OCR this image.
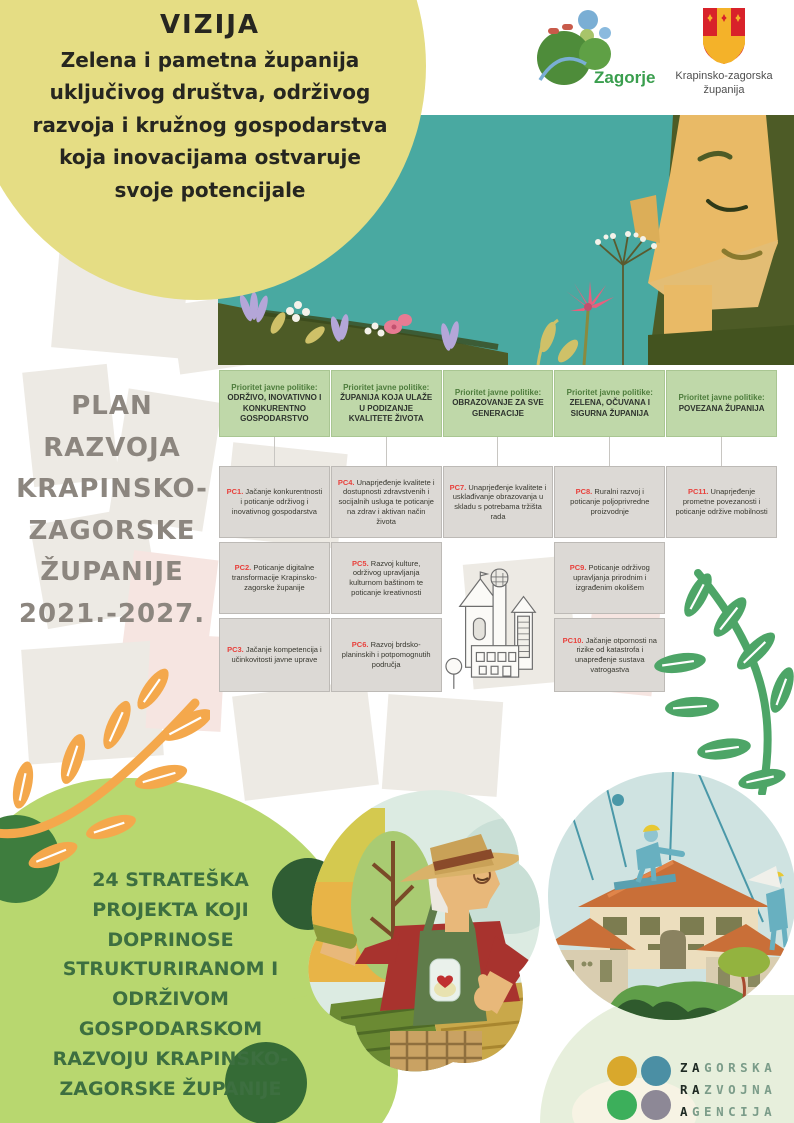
VIZIJA
Zelena i pametna županija
uključivog društva, održivog
razvoja i kružnog gospodarstva
koja inovacijama ostvaruje
svoje potencijale
Zagorje	Krapinsko-zagorska
županija
PLAN
RAZVOJA
KRAPINSKO-
ZAGORSKE
ŽUPANIJE
2021.-2027.
Prioritet javne politike:
ODRŽIVO, INOVATIVNO I KONKURENTNO GOSPODARSTVO
Prioritet javne politike:
ŽUPANIJA KOJA ULAŽE U PODIZANJE KVALITETE ŽIVOTA
Prioritet javne politike:
OBRAZOVANJE ZA SVE GENERACIJE
Prioritet javne politike:
ZELENA, OČUVANA I SIGURNA ŽUPANIJA
Prioritet javne politike:
POVEZANA ŽUPANIJA
PC1. Jačanje konkurentnosti i poticanje održivog i inovativnog gospodarstva
PC4. Unaprjeđenje kvalitete i dostupnosti zdravstvenih i socijalnih usluga te poticanje na zdrav i aktivan način života
PC7. Unaprjeđenje kvalitete i usklađivanje obrazovanja u skladu s potrebama tržišta rada
PC8. Ruralni razvoj i poticanje poljoprivredne proizvodnje
PC11. Unaprjeđenje prometne povezanosti i poticanje održive mobilnosti
PC2. Poticanje digitalne transformacije Krapinsko-zagorske županije
PC5. Razvoj kulture, održivog upravljanja kulturnom baštinom te poticanje kreativnosti
PC9. Poticanje održivog upravljanja prirodnim i izgrađenim okolišem
PC3. Jačanje kompetencija i učinkovitosti javne uprave
PC6. Razvoj brdsko-planinskih i potpomognutih područja
PC10. Jačanje otpornosti na rizike od katastrofa i unapređenje sustava vatrogastva
24 STRATEŠKA
PROJEKTA KOJI
DOPRINOSE
STRUKTURIRANOM I
ODRŽIVOM
GOSPODARSKOM
RAZVOJU KRAPINSKO-
ZAGORSKE ŽUPANIJE
ZAGORSKA
RAZVOJNA
AGENCIJA
